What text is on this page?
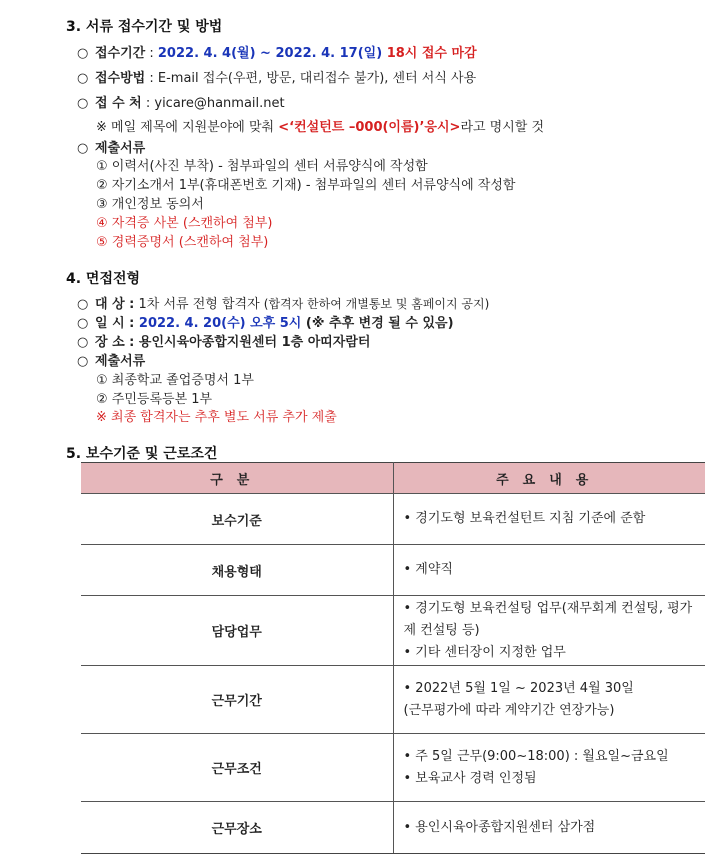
3. 서류 접수기간 및 방법
○ 접수기간 : 2022. 4. 4(월) ~ 2022. 4. 17(일) 18시 접수 마감
○ 접수방법 : E-mail 접수(우편, 방문, 대리접수 불가), 센터 서식 사용
○ 접 수 처 : yicare@hanmail.net
※ 메일 제목에 지원분야에 맞춰 <‘컨설턴트 –000(이름)’응시>라고 명시할 것
○ 제출서류
① 이력서(사진 부착) - 첨부파일의 센터 서류양식에 작성함
② 자기소개서 1부(휴대폰번호 기재) - 첨부파일의 센터 서류양식에 작성함
③ 개인정보 동의서
④ 자격증 사본 (스캔하여 첨부)
⑤ 경력증명서 (스캔하여 첨부)
4. 면접전형
○ 대 상 : 1차 서류 전형 합격자 (합격자 한하여 개별통보 및 홈페이지 공지)
○ 일 시 : 2022. 4. 20(수) 오후 5시 (※ 추후 변경 될 수 있음)
○ 장 소 : 용인시육아종합지원센터 1층 아띠자람터
○ 제출서류
① 최종학교 졸업증명서 1부
② 주민등록등본 1부
※ 최종 합격자는 추후 별도 서류 추가 제출
5. 보수기준 및 근로조건
구분	주요내용
보수기준	• 경기도형 보육컨설턴트 지침 기준에 준함

채용형태	• 계약직

담당업무	• 경기도형 보육컨설팅 업무(재무회계 컨설팅, 평가제 컨설팅 등)
• 기타 센터장이 지정한 업무

근무기간	• 2022년 5월 1일 ~ 2023년 4월 30일
(근무평가에 따라 계약기간 연장가능)

근무조건	• 주 5일 근무(9:00~18:00) : 월요일~금요일
• 보육교사 경력 인정됨

근무장소	• 용인시육아종합지원센터 삼가점
